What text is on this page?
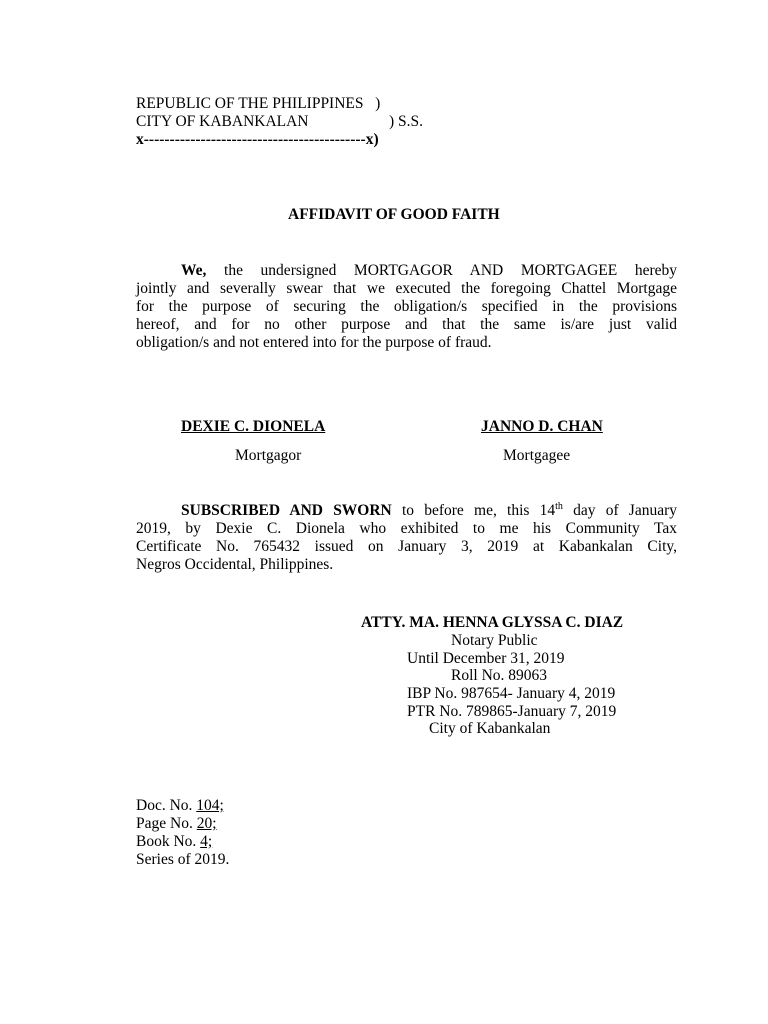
REPUBLIC OF THE PHILIPPINES   )
CITY OF KABANKALAN	) S.S.
x-------------------------------------------x)
AFFIDAVIT OF GOOD FAITH
We, the undersigned MORTGAGOR AND MORTGAGEE hereby
jointly and severally swear that we executed the foregoing Chattel Mortgage
for the purpose of securing the obligation/s specified in the provisions
hereof, and for no other purpose and that the same is/are just valid
obligation/s and not entered into for the purpose of fraud.
DEXIE C. DIONELA
Mortgagor
JANNO D. CHAN
Mortgagee
SUBSCRIBED AND SWORN to before me, this 14th day of January
2019, by Dexie C. Dionela who exhibited to me his Community Tax
Certificate No. 765432 issued on January 3, 2019 at Kabankalan City,
Negros Occidental, Philippines.
ATTY. MA. HENNA GLYSSA C. DIAZ
Notary Public
Until December 31, 2019
Roll No. 89063
IBP No. 987654- January 4, 2019
PTR No. 789865-January 7, 2019
City of Kabankalan
Doc. No. 104;
Page No. 20;
Book No. 4;
Series of 2019.
